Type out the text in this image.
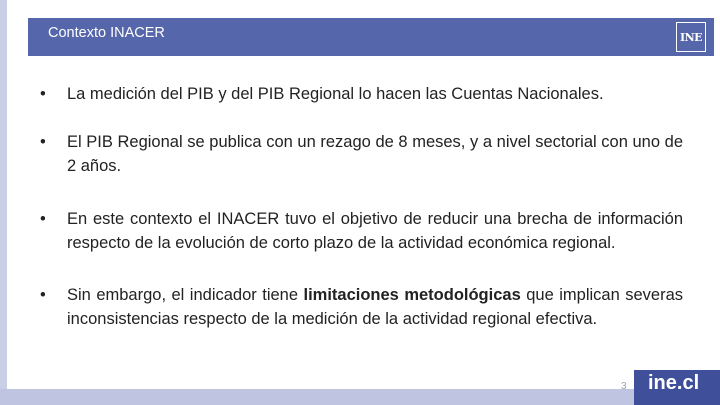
Contexto INACER	INE
•	La medición del PIB y del PIB Regional lo hacen las Cuentas Nacionales.
•	El PIB Regional se publica con un rezago de 8 meses, y a nivel sectorial con uno de 2 años.
•	En este contexto el INACER tuvo el objetivo de reducir una brecha de información respecto de la evolución de corto plazo de la actividad económica regional.
•	Sin embargo, el indicador tiene limitaciones metodológicas que implican severas inconsistencias respecto de la medición de la actividad regional efectiva.
3 ine.cl
